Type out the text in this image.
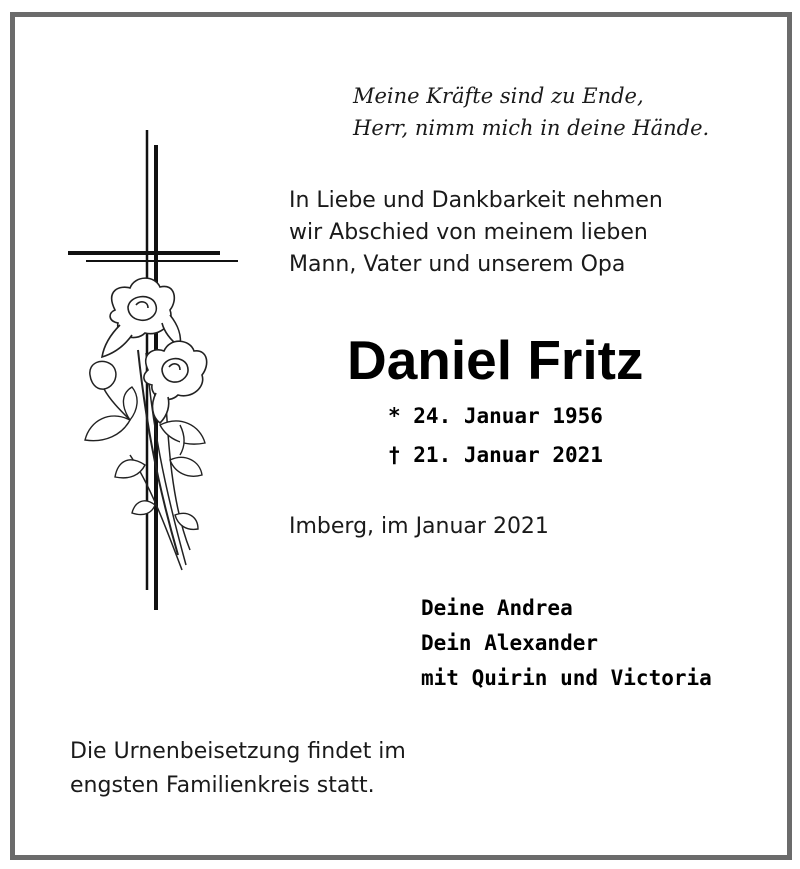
Meine Kräfte sind zu Ende,
Herr, nimm mich in deine Hände.
In Liebe und Dankbarkeit nehmen
wir Abschied von meinem lieben
Mann, Vater und unserem Opa
Daniel Fritz
* 24. Januar 1956
† 21. Januar 2021
Imberg, im Januar 2021
Deine Andrea
Dein Alexander
mit Quirin und Victoria
Die Urnenbeisetzung findet im
engsten Familienkreis statt.
